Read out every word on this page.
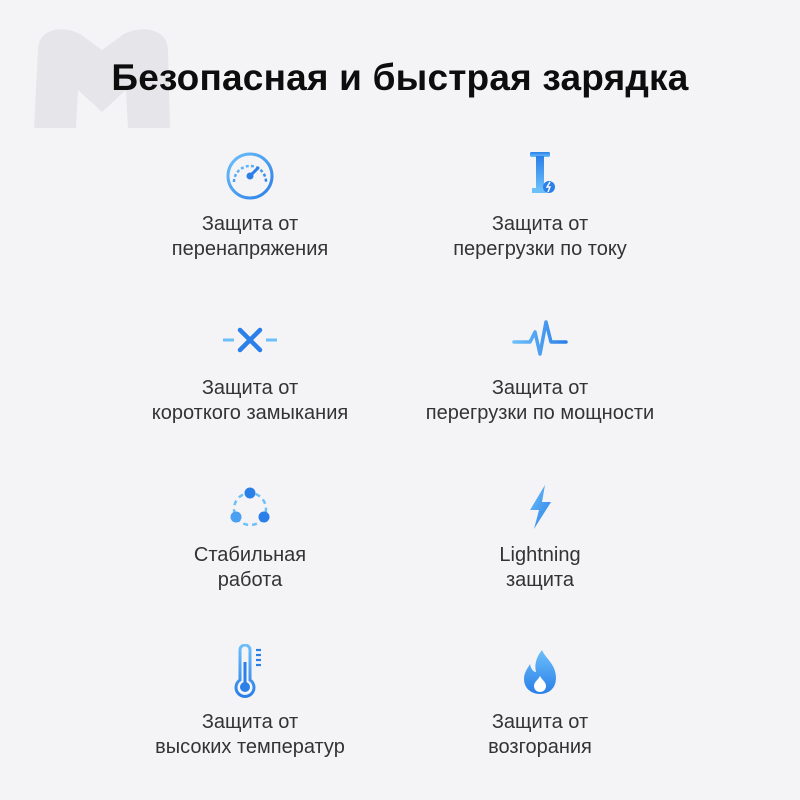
Безопасная и быстрая зарядка
Защита от
перенапряжения
Защита от
перегрузки по току
Защита от
короткого замыкания
Защита от
перегрузки по мощности
Стабильная
работа
Lightning
защита
Защита от
высоких температур
Защита от
возгорания
